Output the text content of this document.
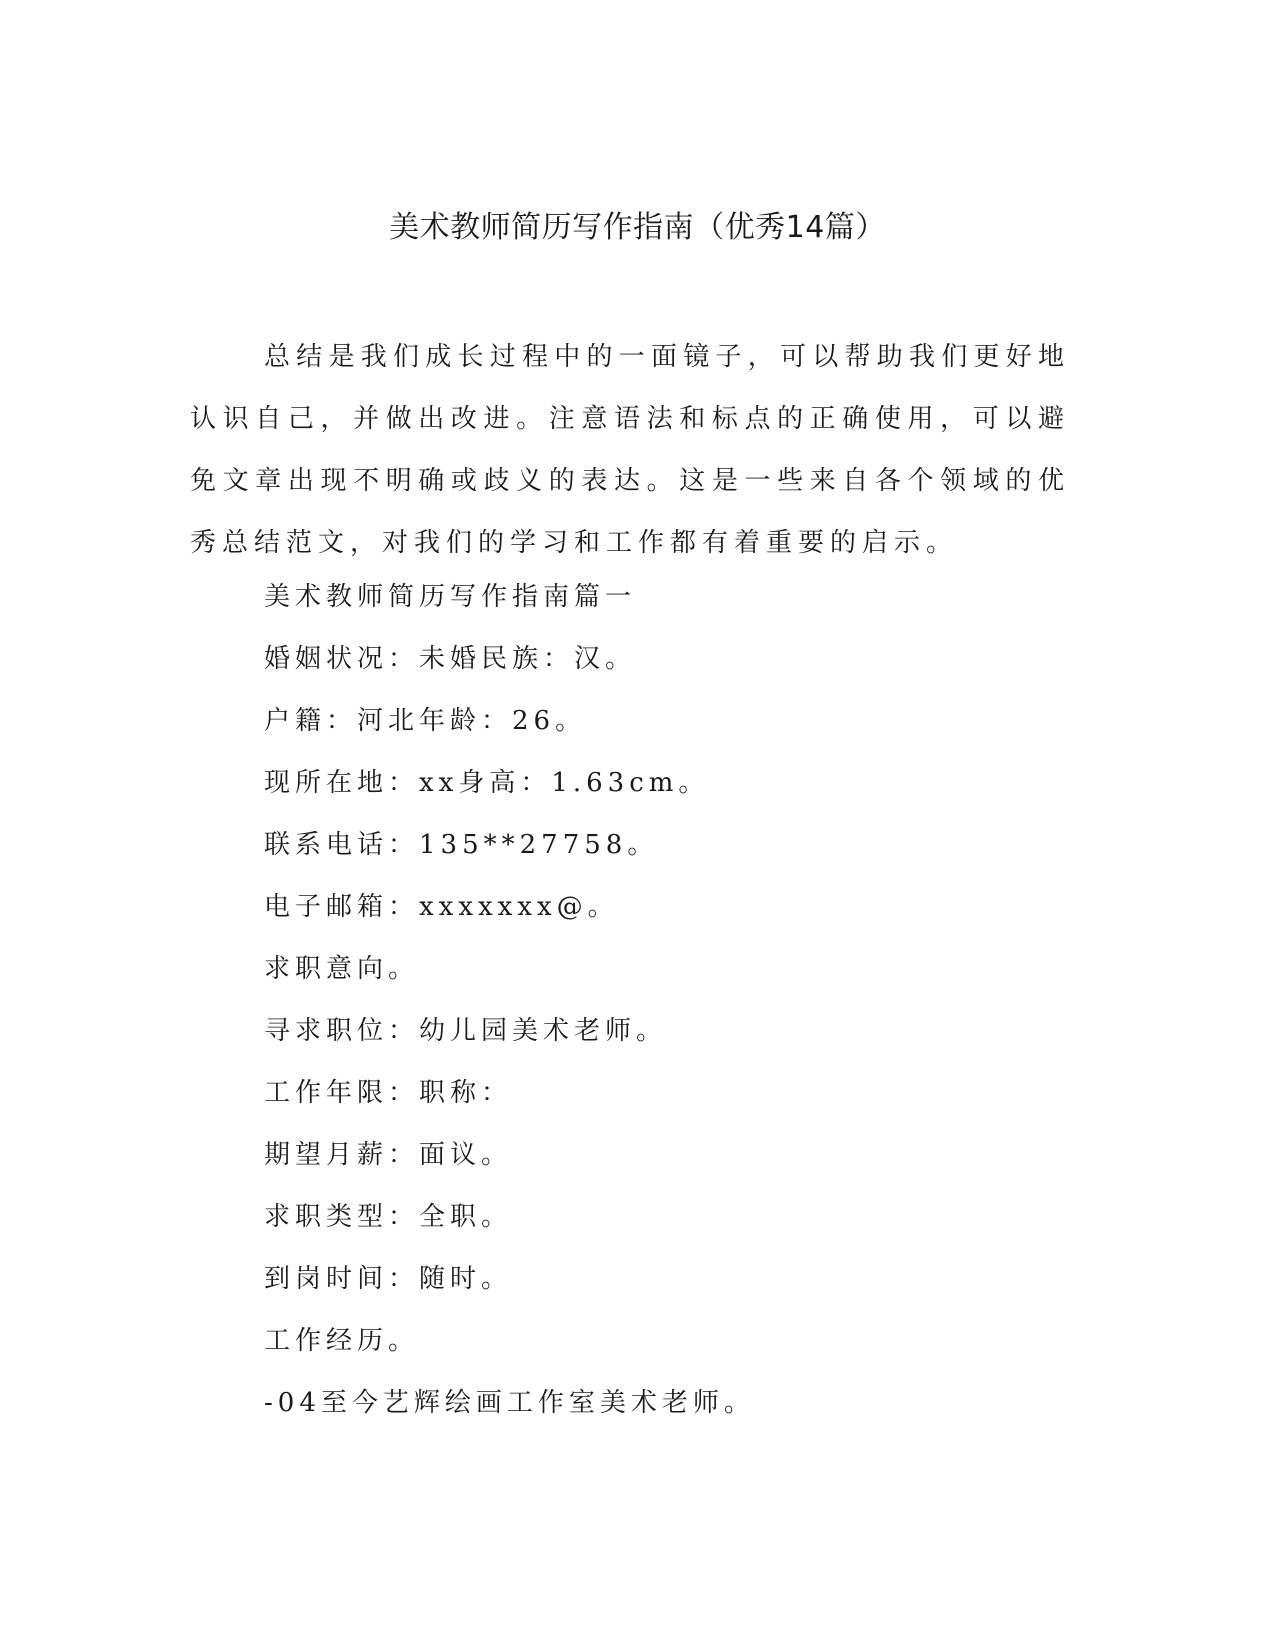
美术教师简历写作指南（优秀14篇）

总结是我们成长过程中的一面镜子，可以帮助我们更好地认识自己，并做出改进。注意语法和标点的正确使用，可以避免文章出现不明确或歧义的表达。这是一些来自各个领域的优秀总结范文，对我们的学习和工作都有着重要的启示。

美术教师简历写作指南篇一
婚姻状况：未婚民族：汉。
户籍：河北年龄：26。
现所在地：xx身高：1.63cm。
联系电话：135**27758。
电子邮箱：xxxxxxx@。
求职意向。
寻求职位：幼儿园美术老师。
工作年限：职称：
期望月薪：面议。
求职类型：全职。
到岗时间：随时。
工作经历。
-04至今艺辉绘画工作室美术老师。
